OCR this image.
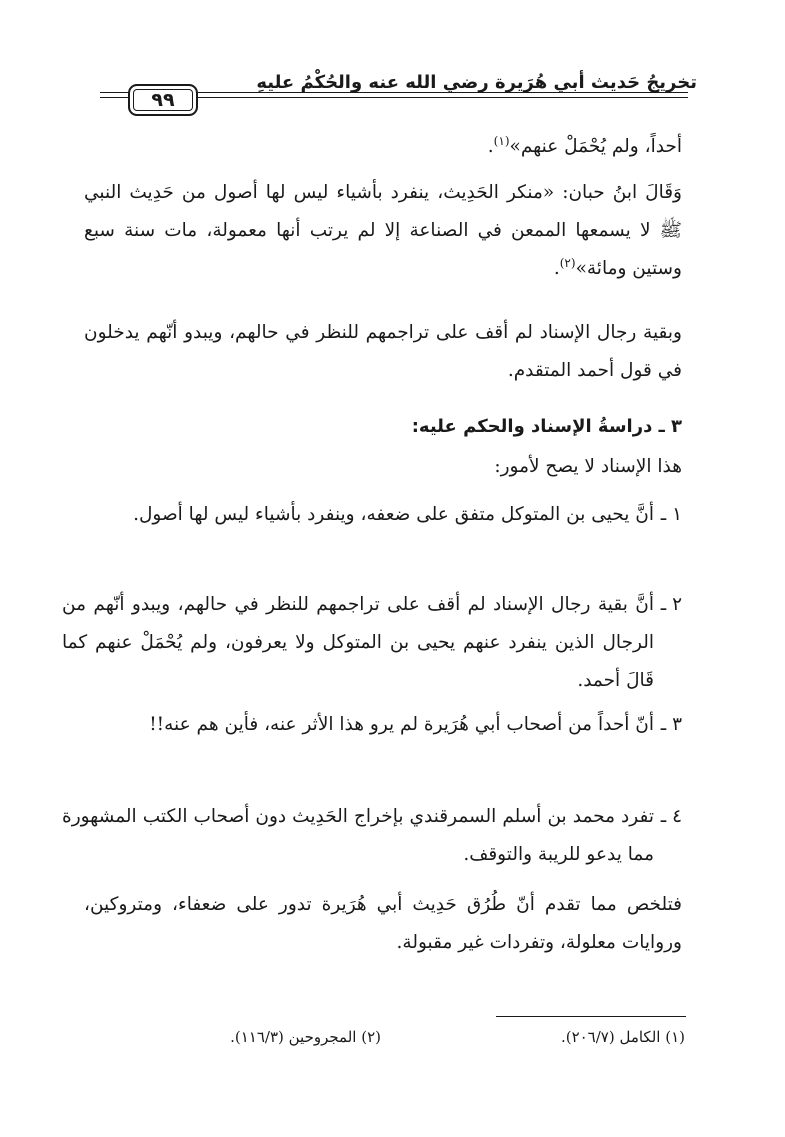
تخريجُ حَديث أبي هُرَيرة رضي الله عنه والحُكْمُ عليهِ
٩٩
أحداً، ولم يُحْمَلْ عنهم»$^{(١)}$.
وَقَالَ ابنُ حبان: «منكر الحَدِيث، ينفرد بأشياء ليس لها أصول من حَدِيث النبي ﷺ لا يسمعها الممعن في الصناعة إلا لم يرتب أنها معمولة، مات سنة سبع وستين ومائة»$^{(٢)}$.
وبقية رجال الإسناد لم أقف على تراجمهم للنظر في حالهم، ويبدو أنّهم يدخلون في قول أحمد المتقدم.
٣ ـ دراسةُ الإسناد والحكم عليه:
هذا الإسناد لا يصح لأمور:
١ ـ
أنَّ يحيى بن المتوكل متفق على ضعفه، وينفرد بأشياء ليس لها أصول.
٢ ـ
أنَّ بقية رجال الإسناد لم أقف على تراجمهم للنظر في حالهم، ويبدو أنّهم من الرجال الذين ينفرد عنهم يحيى بن المتوكل ولا يعرفون، ولم يُحْمَلْ عنهم كما قَالَ أحمد.
٣ ـ
أنّ أحداً من أصحاب أبي هُرَيرة لم يرو هذا الأثر عنه، فأين هم عنه!!
٤ ـ
تفرد محمد بن أسلم السمرقندي بإخراج الحَدِيث دون أصحاب الكتب المشهورة مما يدعو للريبة والتوقف.
فتلخص مما تقدم أنّ طُرُق حَدِيث أبي هُرَيرة تدور على ضعفاء، ومتروكين، وروايات معلولة، وتفردات غير مقبولة.
(١) الكامل (٢٠٦/٧).
(٢) المجروحين (١١٦/٣).
